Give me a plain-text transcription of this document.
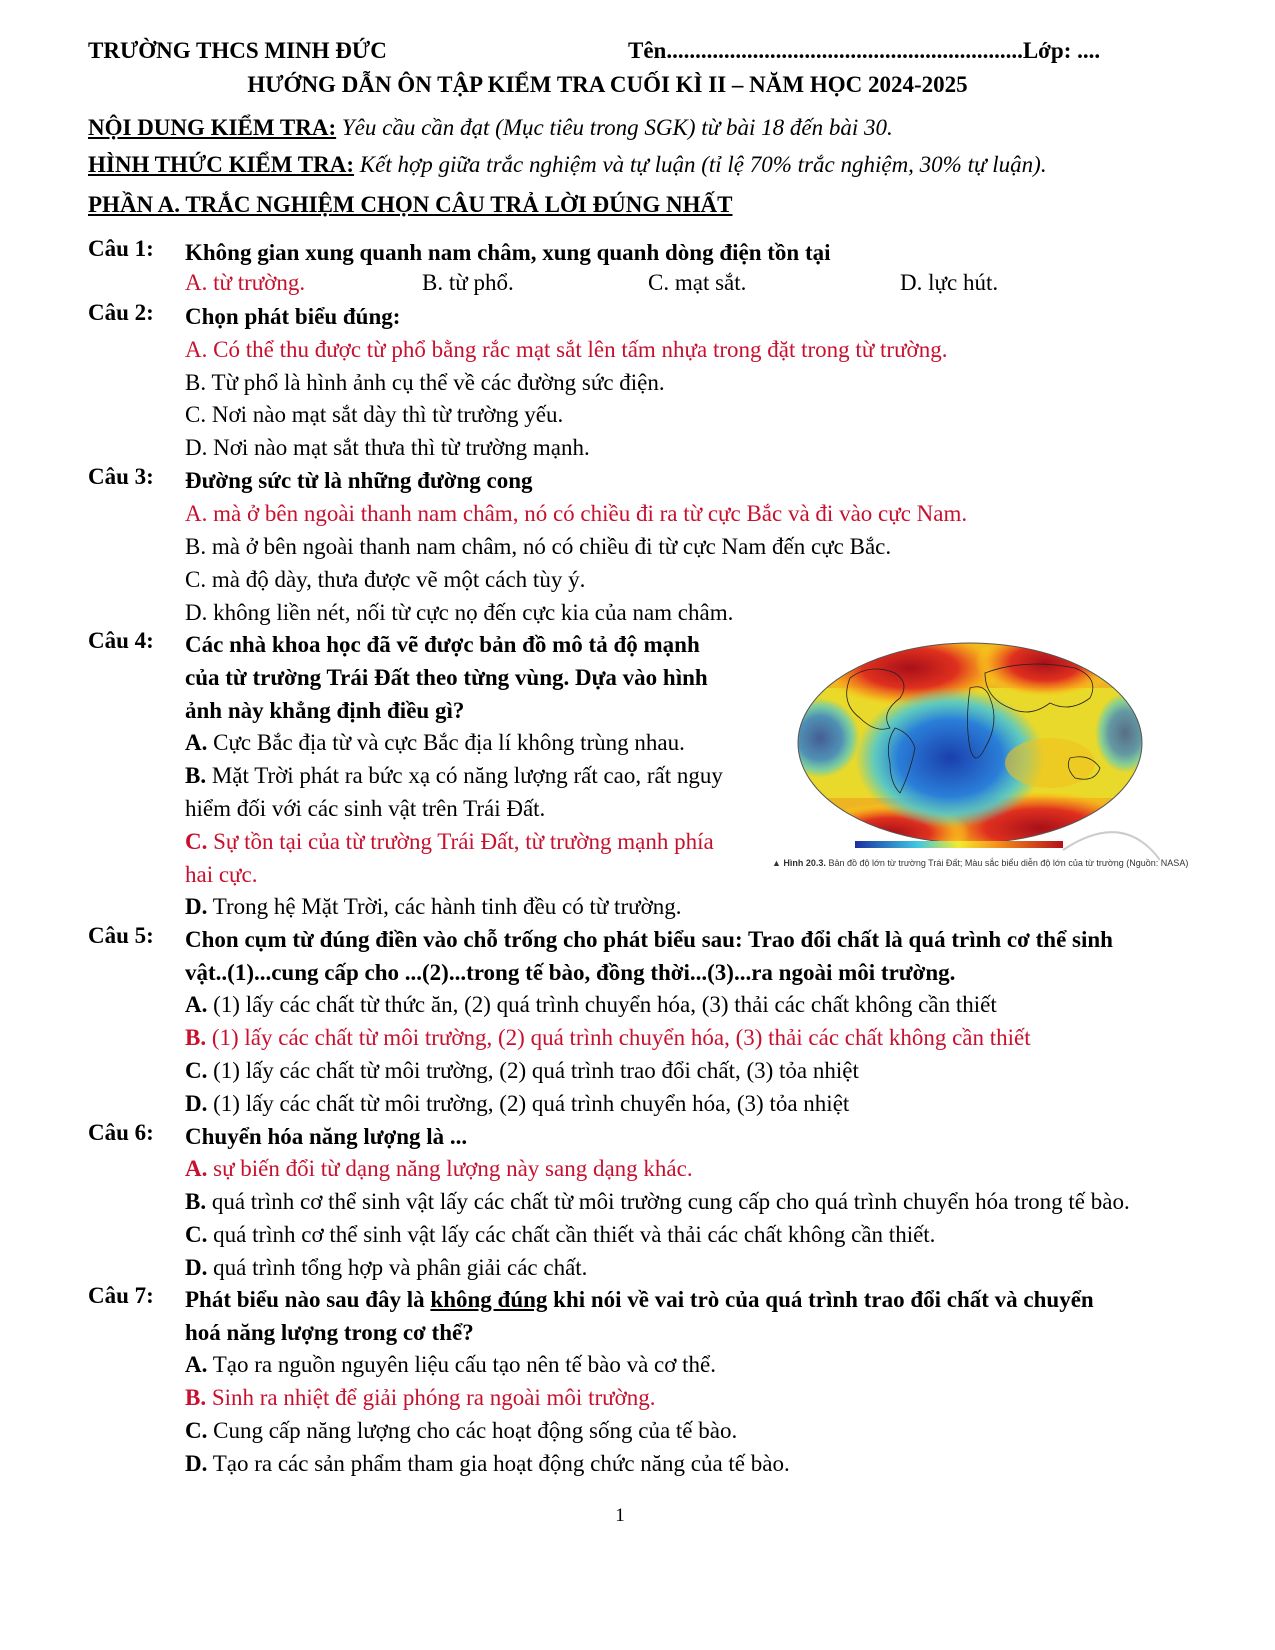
TRƯỜNG THCS MINH ĐỨC	Tên..............................................................Lớp: ....
HƯỚNG DẪN ÔN TẬP KIỂM TRA CUỐI KÌ II – NĂM HỌC 2024-2025
NỘI DUNG KIỂM TRA: Yêu cầu cần đạt (Mục tiêu trong SGK) từ bài 18 đến bài 30.
HÌNH THỨC KIỂM TRA: Kết hợp giữa trắc nghiệm và tự luận (tỉ lệ 70% trắc nghiệm, 30% tự luận).
PHẦN A. TRẮC NGHIỆM CHỌN CÂU TRẢ LỜI ĐÚNG NHẤT
Câu 1: Không gian xung quanh nam châm, xung quanh dòng điện tồn tại
A. từ trường.	B. từ phổ.	C. mạt sắt.	D. lực hút.
Câu 2: Chọn phát biểu đúng:
A. Có thể thu được từ phổ bằng rắc mạt sắt lên tấm nhựa trong đặt trong từ trường.
B. Từ phổ là hình ảnh cụ thể về các đường sức điện.
C. Nơi nào mạt sắt dày thì từ trường yếu.
D. Nơi nào mạt sắt thưa thì từ trường mạnh.
Câu 3: Đường sức từ là những đường cong
A. mà ở bên ngoài thanh nam châm, nó có chiều đi ra từ cực Bắc và đi vào cực Nam.
B. mà ở bên ngoài thanh nam châm, nó có chiều đi từ cực Nam đến cực Bắc.
C. mà độ dày, thưa được vẽ một cách tùy ý.
D. không liền nét, nối từ cực nọ đến cực kia của nam châm.
Câu 4: Các nhà khoa học đã vẽ được bản đồ mô tả độ mạnh
của từ trường Trái Đất theo từng vùng. Dựa vào hình
ảnh này khẳng định điều gì?
A. Cực Bắc địa từ và cực Bắc địa lí không trùng nhau.
B. Mặt Trời phát ra bức xạ có năng lượng rất cao, rất nguy
hiểm đối với các sinh vật trên Trái Đất.
C. Sự tồn tại của từ trường Trái Đất, từ trường mạnh phía
hai cực.
D. Trong hệ Mặt Trời, các hành tinh đều có từ trường.
▲ Hình 20.3. Bản đồ độ lớn từ trường Trái Đất; Màu sắc biểu diễn độ lớn của từ trường (Nguồn: NASA)
Câu 5: Chon cụm từ đúng điền vào chỗ trống cho phát biểu sau: Trao đổi chất là quá trình cơ thể sinh
vật..(1)...cung cấp cho ...(2)...trong tế bào, đồng thời...(3)...ra ngoài môi trường.
A. (1) lấy các chất từ thức ăn, (2) quá trình chuyển hóa, (3) thải các chất không cần thiết
B. (1) lấy các chất từ môi trường, (2) quá trình chuyển hóa, (3) thải các chất không cần thiết
C. (1) lấy các chất từ môi trường, (2) quá trình trao đổi chất, (3) tỏa nhiệt
D. (1) lấy các chất từ môi trường, (2) quá trình chuyển hóa, (3) tỏa nhiệt
Câu 6: Chuyển hóa năng lượng là ...
A. sự biến đổi từ dạng năng lượng này sang dạng khác.
B. quá trình cơ thể sinh vật lấy các chất từ môi trường cung cấp cho quá trình chuyển hóa trong tế bào.
C. quá trình cơ thể sinh vật lấy các chất cần thiết và thải các chất không cần thiết.
D. quá trình tổng hợp và phân giải các chất.
Câu 7: Phát biểu nào sau đây là không đúng khi nói về vai trò của quá trình trao đổi chất và chuyển
hoá năng lượng trong cơ thể?
A. Tạo ra nguồn nguyên liệu cấu tạo nên tế bào và cơ thể.
B. Sinh ra nhiệt để giải phóng ra ngoài môi trường.
C. Cung cấp năng lượng cho các hoạt động sống của tế bào.
D. Tạo ra các sản phẩm tham gia hoạt động chức năng của tế bào.
1
